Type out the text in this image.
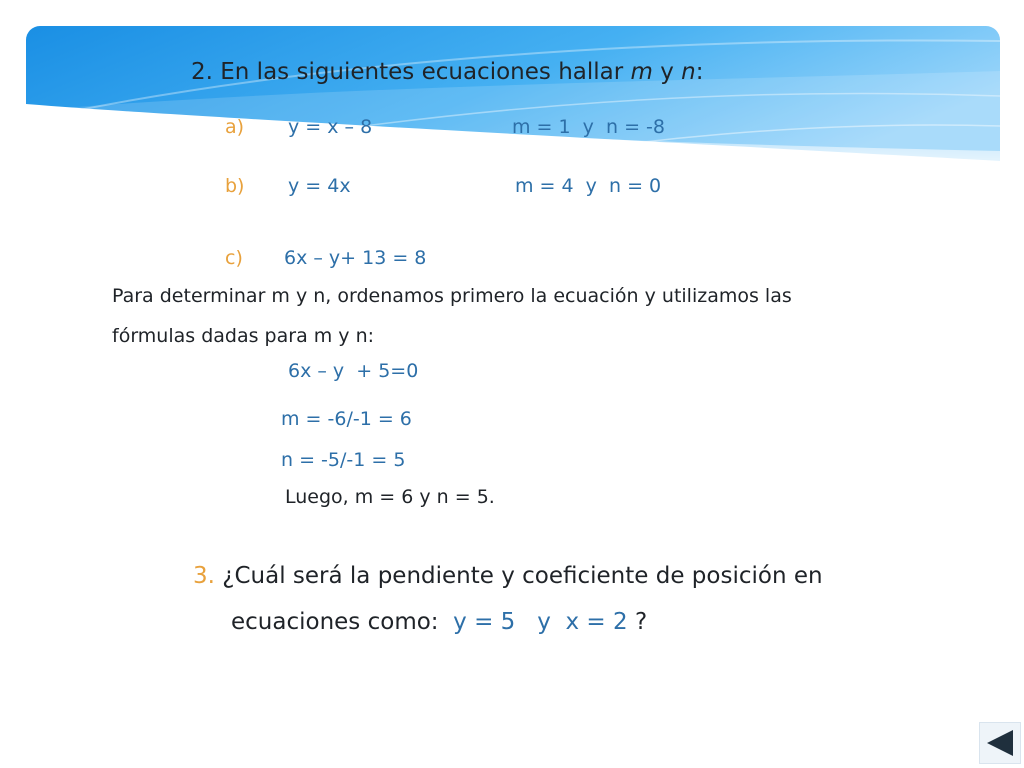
2. En las siguientes ecuaciones hallar m y n:
a) y = x – 8	m = 1  y  n = -8
b) y = 4x	m = 4  y  n = 0
c) 6x – y+ 13 = 8
Para determinar m y n, ordenamos primero la ecuación y utilizamos las
fórmulas dadas para m y n:
6x – y  + 5=0
m = -6/-1 = 6
n = -5/-1 = 5
Luego, m = 6 y n = 5.
3. ¿Cuál será la pendiente y coeficiente de posición en
ecuaciones como: y = 5 y x = 2 ?
